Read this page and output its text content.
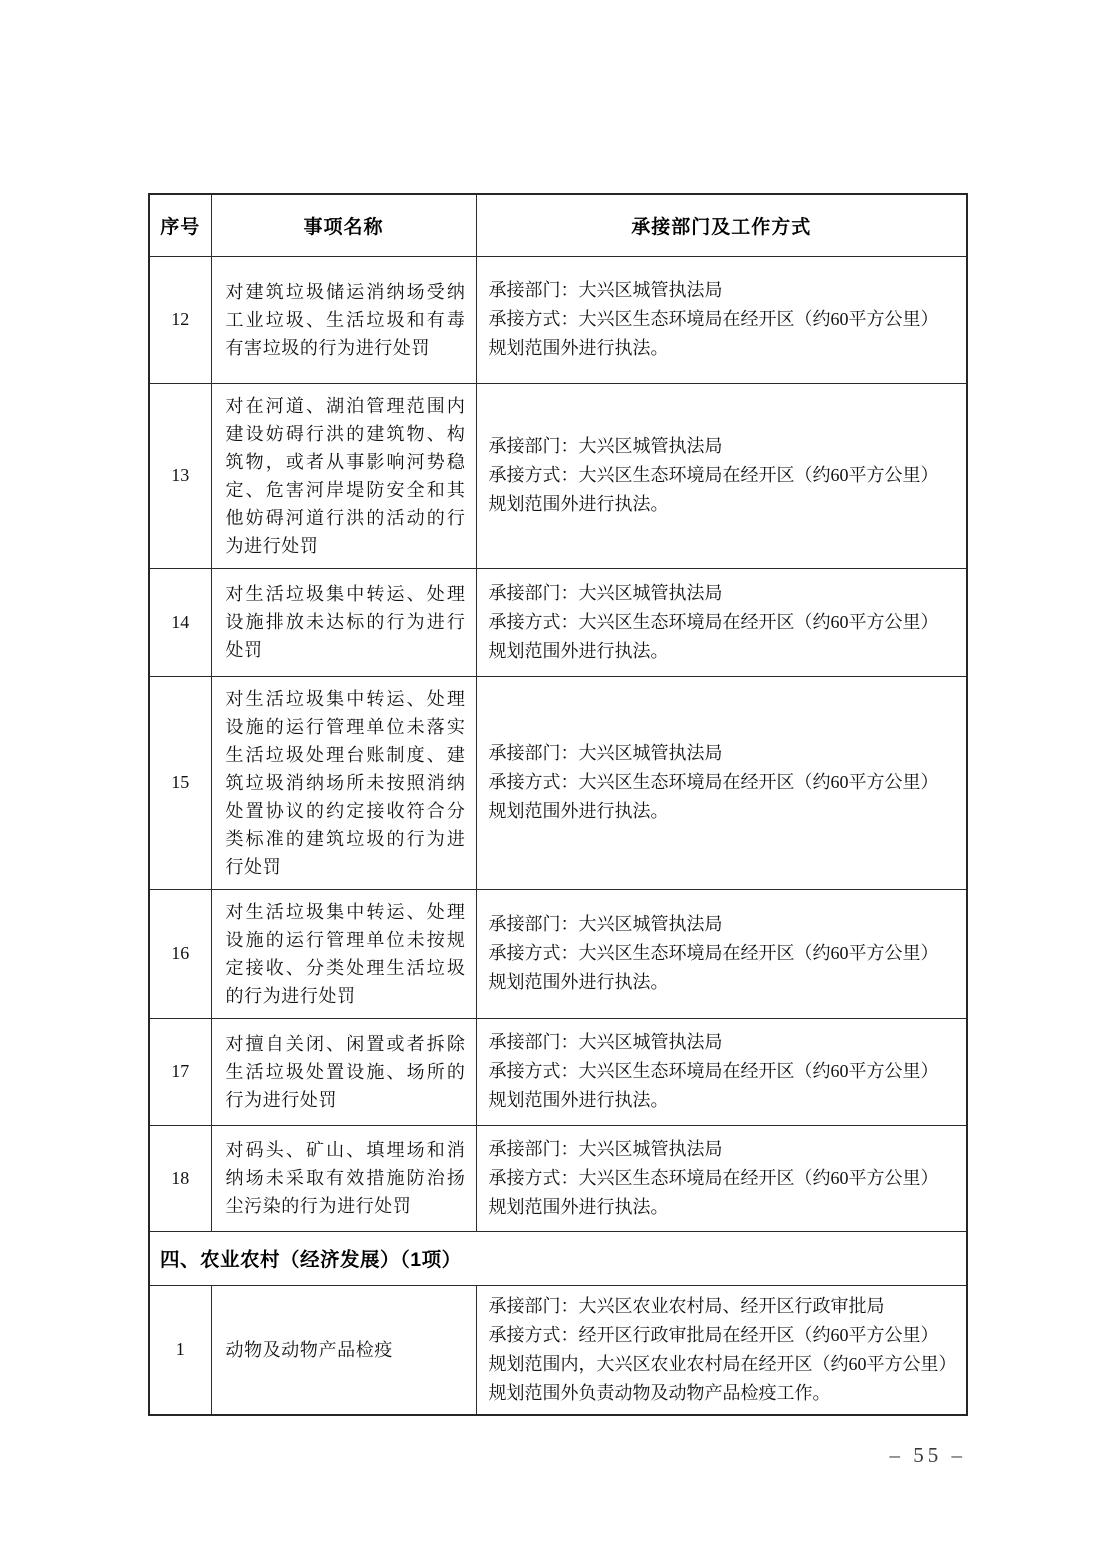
序号	事项名称	承接部门及工作方式
12	对建筑垃圾储运消纳场受纳工业垃圾、生活垃圾和有毒有害垃圾的行为进行处罚	承接部门：大兴区城管执法局
承接方式：大兴区生态环境局在经开区（约60平方公里）规划范围外进行执法。

13	对在河道、湖泊管理范围内建设妨碍行洪的建筑物、构筑物，或者从事影响河势稳定、危害河岸堤防安全和其他妨碍河道行洪的活动的行为进行处罚	承接部门：大兴区城管执法局
承接方式：大兴区生态环境局在经开区（约60平方公里）规划范围外进行执法。

14	对生活垃圾集中转运、处理设施排放未达标的行为进行处罚	承接部门：大兴区城管执法局
承接方式：大兴区生态环境局在经开区（约60平方公里）规划范围外进行执法。

15	对生活垃圾集中转运、处理设施的运行管理单位未落实生活垃圾处理台账制度、建筑垃圾消纳场所未按照消纳处置协议的约定接收符合分类标准的建筑垃圾的行为进行处罚	承接部门：大兴区城管执法局
承接方式：大兴区生态环境局在经开区（约60平方公里）规划范围外进行执法。

16	对生活垃圾集中转运、处理设施的运行管理单位未按规定接收、分类处理生活垃圾的行为进行处罚	承接部门：大兴区城管执法局
承接方式：大兴区生态环境局在经开区（约60平方公里）规划范围外进行执法。

17	对擅自关闭、闲置或者拆除生活垃圾处置设施、场所的行为进行处罚	承接部门：大兴区城管执法局
承接方式：大兴区生态环境局在经开区（约60平方公里）规划范围外进行执法。

18	对码头、矿山、填埋场和消纳场未采取有效措施防治扬尘污染的行为进行处罚	承接部门：大兴区城管执法局
承接方式：大兴区生态环境局在经开区（约60平方公里）规划范围外进行执法。

四、农业农村（经济发展）（1项）		
1	动物及动物产品检疫	承接部门：大兴区农业农村局、经开区行政审批局
承接方式：经开区行政审批局在经开区（约60平方公里）规划范围内，大兴区农业农村局在经开区（约60平方公里）规划范围外负责动物及动物产品检疫工作。
– 55 –
